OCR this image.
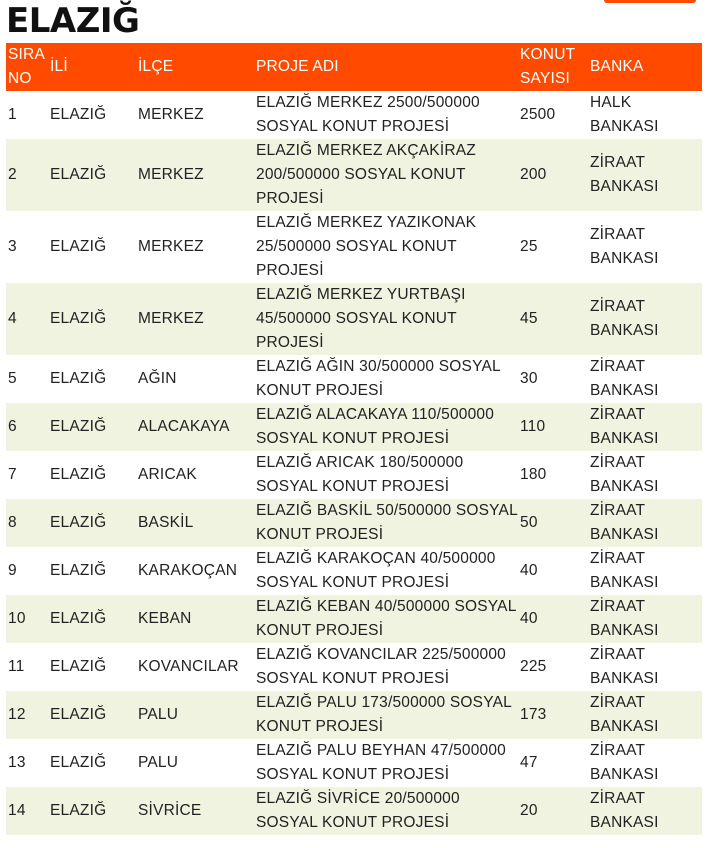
ELAZIĞ
SIRA NO	İLİ	İLÇE	PROJE ADI	KONUT SAYISI	BANKA
1	ELAZIĞ	MERKEZ	ELAZIĞ MERKEZ 2500/500000 SOSYAL KONUT PROJESİ	2500	HALK BANKASI
2	ELAZIĞ	MERKEZ	ELAZIĞ MERKEZ AKÇAKİRAZ 200/500000 SOSYAL KONUT PROJESİ	200	ZİRAAT BANKASI
3	ELAZIĞ	MERKEZ	ELAZIĞ MERKEZ YAZIKONAK 25/500000 SOSYAL KONUT PROJESİ	25	ZİRAAT BANKASI
4	ELAZIĞ	MERKEZ	ELAZIĞ MERKEZ YURTBAŞI 45/500000 SOSYAL KONUT PROJESİ	45	ZİRAAT BANKASI
5	ELAZIĞ	AĞIN	ELAZIĞ AĞIN 30/500000 SOSYAL KONUT PROJESİ	30	ZİRAAT BANKASI
6	ELAZIĞ	ALACAKAYA	ELAZIĞ ALACAKAYA 110/500000 SOSYAL KONUT PROJESİ	110	ZİRAAT BANKASI
7	ELAZIĞ	ARICAK	ELAZIĞ ARICAK 180/500000 SOSYAL KONUT PROJESİ	180	ZİRAAT BANKASI
8	ELAZIĞ	BASKİL	ELAZIĞ BASKİL 50/500000 SOSYAL KONUT PROJESİ	50	ZİRAAT BANKASI
9	ELAZIĞ	KARAKOÇAN	ELAZIĞ KARAKOÇAN 40/500000 SOSYAL KONUT PROJESİ	40	ZİRAAT BANKASI
10	ELAZIĞ	KEBAN	ELAZIĞ KEBAN 40/500000 SOSYAL KONUT PROJESİ	40	ZİRAAT BANKASI
11	ELAZIĞ	KOVANCILAR	ELAZIĞ KOVANCILAR 225/500000 SOSYAL KONUT PROJESİ	225	ZİRAAT BANKASI
12	ELAZIĞ	PALU	ELAZIĞ PALU 173/500000 SOSYAL KONUT PROJESİ	173	ZİRAAT BANKASI
13	ELAZIĞ	PALU	ELAZIĞ PALU BEYHAN 47/500000 SOSYAL KONUT PROJESİ	47	ZİRAAT BANKASI
14	ELAZIĞ	SİVRİCE	ELAZIĞ SİVRİCE 20/500000 SOSYAL KONUT PROJESİ	20	ZİRAAT BANKASI
